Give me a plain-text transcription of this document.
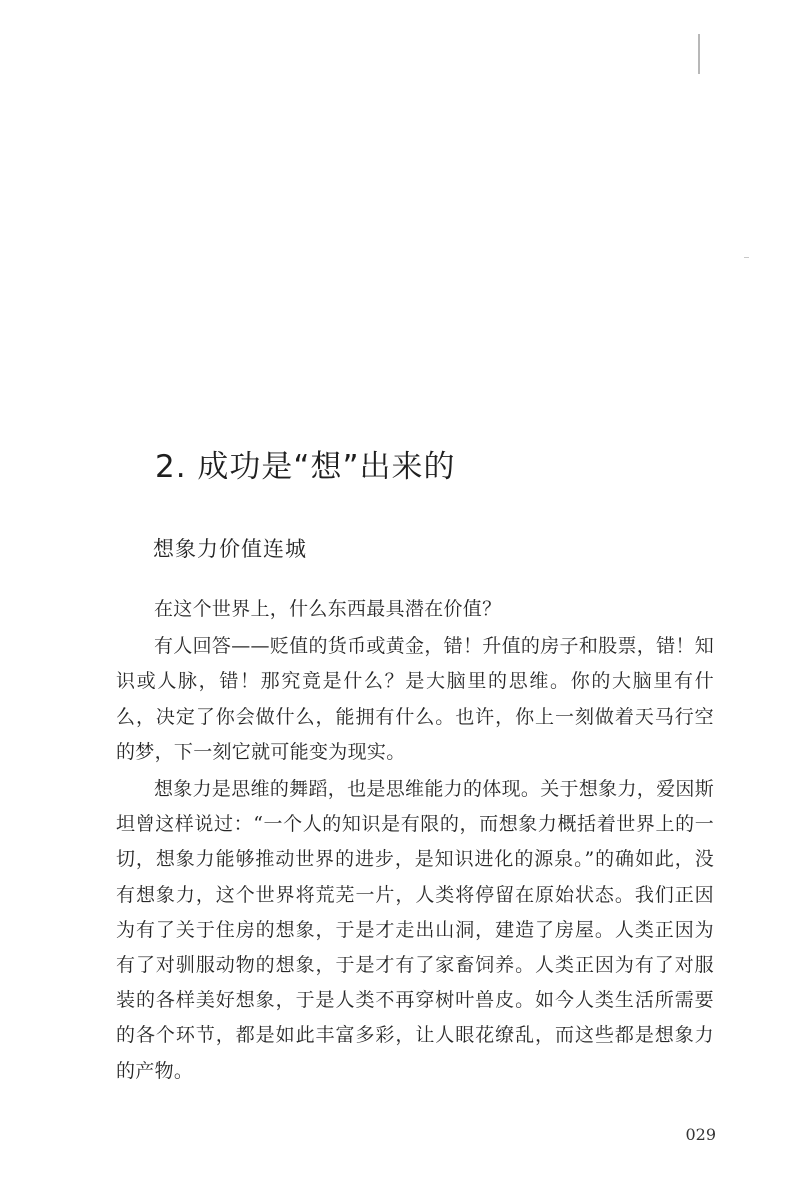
2. 成功是“想”出来的
想象力价值连城

在这个世界上，什么东西最具潜在价值？

有人回答——贬值的货币或黄金，错！升值的房子和股票，错！知识或人脉，错！那究竟是什么？是大脑里的思维。你的大脑里有什么，决定了你会做什么，能拥有什么。也许，你上一刻做着天马行空的梦，下一刻它就可能变为现实。

想象力是思维的舞蹈，也是思维能力的体现。关于想象力，爱因斯坦曾这样说过：“一个人的知识是有限的，而想象力概括着世界上的一切，想象力能够推动世界的进步，是知识进化的源泉。”的确如此，没有想象力，这个世界将荒芜一片，人类将停留在原始状态。我们正因为有了关于住房的想象，于是才走出山洞，建造了房屋。人类正因为有了对驯服动物的想象，于是才有了家畜饲养。人类正因为有了对服装的各样美好想象，于是人类不再穿树叶兽皮。如今人类生活所需要的各个环节，都是如此丰富多彩，让人眼花缭乱，而这些都是想象力的产物。

029
